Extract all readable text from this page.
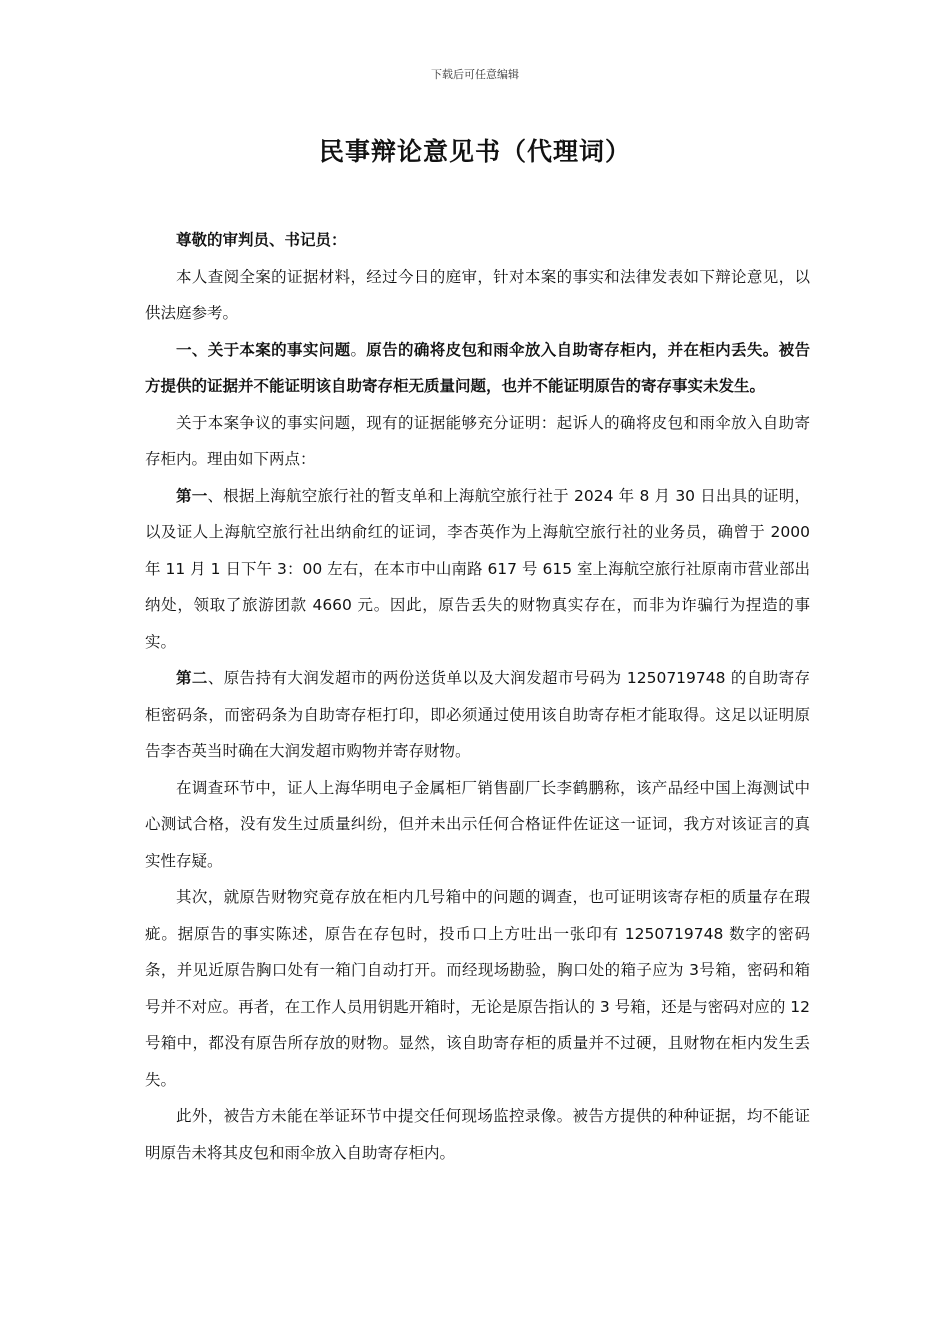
下载后可任意编辑
民事辩论意见书（代理词）

尊敬的审判员、书记员：

本人查阅全案的证据材料，经过今日的庭审，针对本案的事实和法律发表如下辩论意见，以供法庭参考。

一、关于本案的事实问题。原告的确将皮包和雨伞放入自助寄存柜内，并在柜内丢失。被告方提供的证据并不能证明该自助寄存柜无质量问题，也并不能证明原告的寄存事实未发生。

关于本案争议的事实问题，现有的证据能够充分证明：起诉人的确将皮包和雨伞放入自助寄存柜内。理由如下两点：

第一、根据上海航空旅行社的暂支单和上海航空旅行社于 2024 年 8 月 30 日出具的证明，以及证人上海航空旅行社出纳俞红的证词，李杏英作为上海航空旅行社的业务员，确曾于 2000 年 11 月 1 日下午 3：00 左右，在本市中山南路 617 号 615 室上海航空旅行社原南市营业部出纳处，领取了旅游团款 4660 元。因此，原告丢失的财物真实存在，而非为诈骗行为捏造的事实。

第二、原告持有大润发超市的两份送货单以及大润发超市号码为 1250719748 的自助寄存柜密码条，而密码条为自助寄存柜打印，即必须通过使用该自助寄存柜才能取得。这足以证明原告李杏英当时确在大润发超市购物并寄存财物。

在调查环节中，证人上海华明电子金属柜厂销售副厂长李鹤鹏称，该产品经中国上海测试中心测试合格，没有发生过质量纠纷，但并未出示任何合格证件佐证这一证词，我方对该证言的真实性存疑。

其次，就原告财物究竟存放在柜内几号箱中的问题的调查，也可证明该寄存柜的质量存在瑕疵。据原告的事实陈述，原告在存包时，投币口上方吐出一张印有 1250719748 数字的密码条，并见近原告胸口处有一箱门自动打开。而经现场勘验，胸口处的箱子应为 3号箱，密码和箱号并不对应。再者，在工作人员用钥匙开箱时，无论是原告指认的 3 号箱，还是与密码对应的 12 号箱中，都没有原告所存放的财物。显然，该自助寄存柜的质量并不过硬，且财物在柜内发生丢失。

此外，被告方未能在举证环节中提交任何现场监控录像。被告方提供的种种证据，均不能证明原告未将其皮包和雨伞放入自助寄存柜内。
